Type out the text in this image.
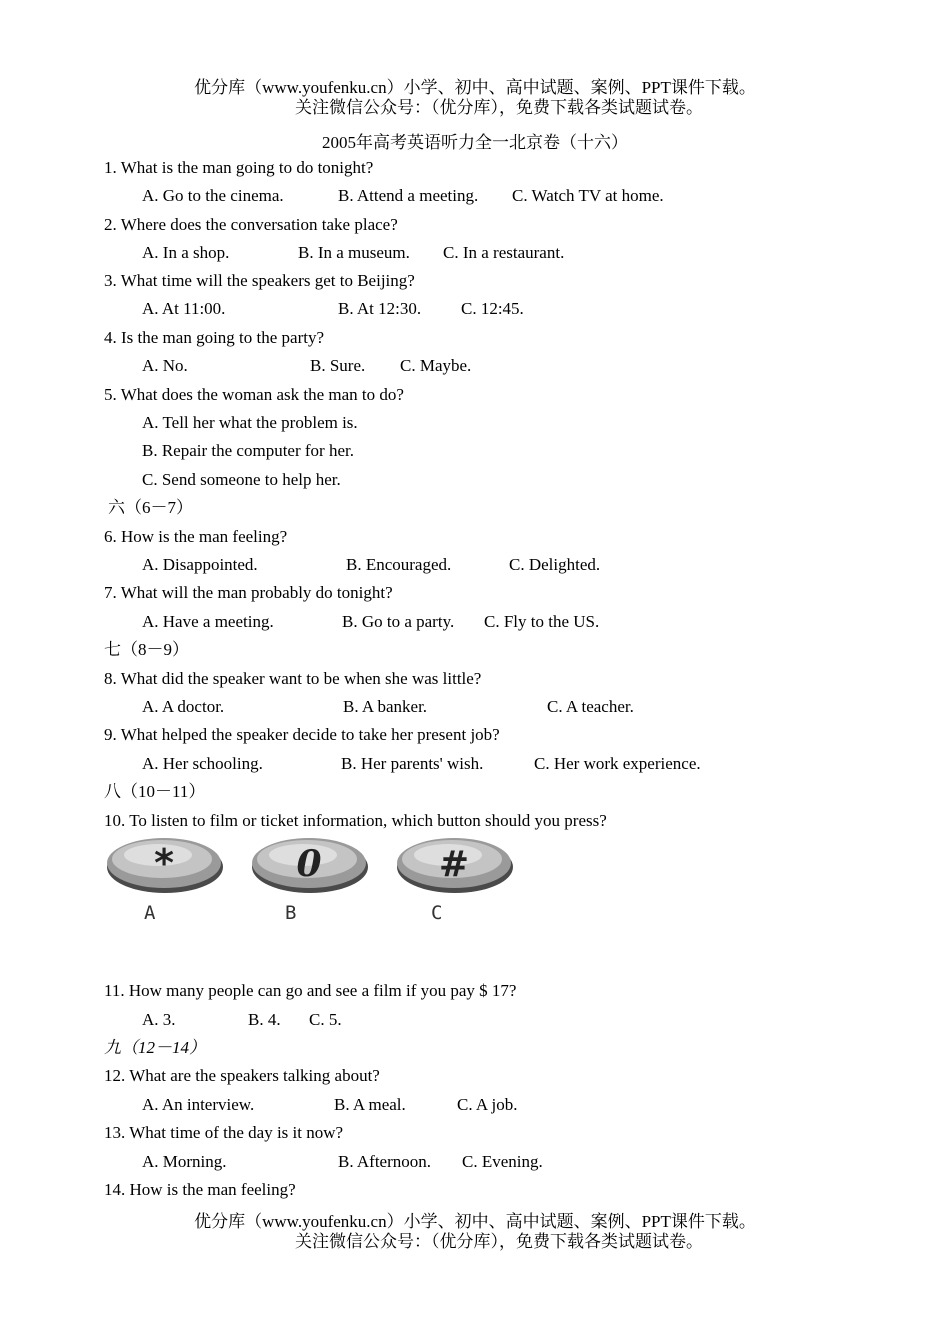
优分库（www.youfenku.cn）小学、初中、高中试题、案例、PPT课件下载。
关注微信公众号：（优分库），免费下载各类试题试卷。
2005年高考英语听力全一北京卷（十六）
1. What is the man going to do tonight?
A. Go to the cinema.	B. Attend a meeting. C. Watch TV at home.
2. Where does the conversation take place?
A. In a shop.	B. In a museum. C. In a restaurant.
3. What time will the speakers get to Beijing?
A. At 11:00.	B. At 12:30. C. 12:45.
4. Is the man going to the party?
A. No.	B. Sure. C. Maybe.
5. What does the woman ask the man to do?
A. Tell her what the problem is.
B. Repair the computer for her.
C. Send someone to help her.
六（6－7）
6. How is the man feeling?
A. Disappointed.	B. Encouraged.	C. Delighted.
7. What will the man probably do tonight?
A. Have a meeting.	B. Go to a party. C. Fly to the US.
七（8－9）
8. What did the speaker want to be when she was little?
A. A doctor.	B. A banker.	C. A teacher.
9. What helped the speaker decide to take her present job?
A. Her schooling.	B. Her parents' wish.	C. Her work experience.
八（10－11）
10. To listen to film or ticket information, which button should you press?
*
A
0
B
#
C
11. How many people can go and see a film if you pay $ 17?
A. 3.	B. 4. C. 5.
九（12－14）
12. What are the speakers talking about?
A. An interview.	B. A meal.	C. A job.
13. What time of the day is it now?
A. Morning.	B. Afternoon. C. Evening.
14. How is the man feeling?
优分库（www.youfenku.cn）小学、初中、高中试题、案例、PPT课件下载。
关注微信公众号：（优分库），免费下载各类试题试卷。
